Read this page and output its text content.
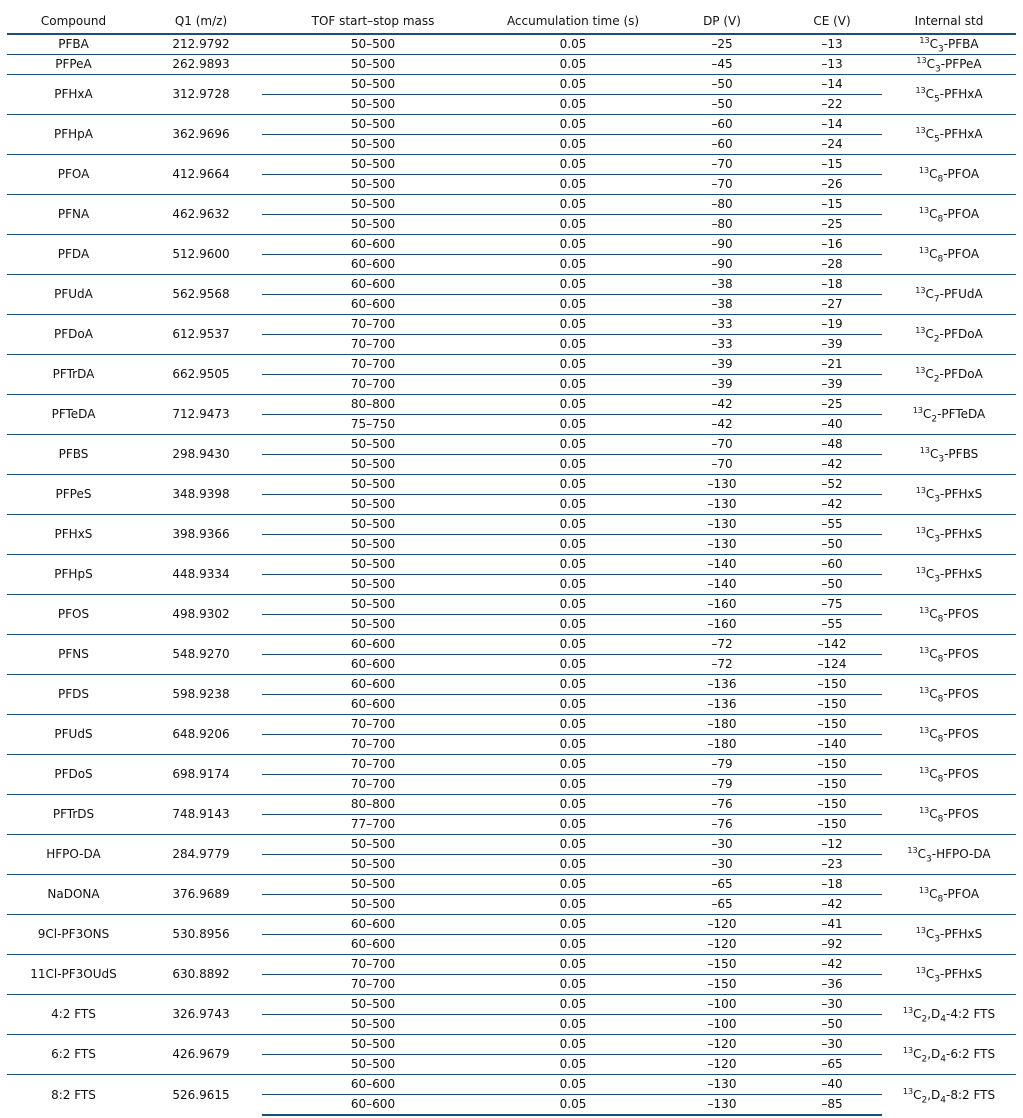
Compound	Q1 (m/z)	TOF start–stop mass	Accumulation time (s)	DP (V)	CE (V)	Internal std
PFBA	212.9792	50–500	0.05	–25	–13	$^{13}C_3$-PFBA
PFPeA	262.9893	50–500	0.05	–45	–13	$^{13}C_3$-PFPeA
PFHxA	312.9728	50–500	0.05	–50	–14	$^{13}C_5$-PFHxA
		50–500	0.05	–50	–22	
PFHpA	362.9696	50–500	0.05	–60	–14	$^{13}C_5$-PFHxA
		50–500	0.05	–60	–24	
PFOA	412.9664	50–500	0.05	–70	–15	$^{13}C_8$-PFOA
		50–500	0.05	–70	–26	
PFNA	462.9632	50–500	0.05	–80	–15	$^{13}C_8$-PFOA
		50–500	0.05	–80	–25	
PFDA	512.9600	60–600	0.05	–90	–16	$^{13}C_8$-PFOA
		60–600	0.05	–90	–28	
PFUdA	562.9568	60–600	0.05	–38	–18	$^{13}C_7$-PFUdA
		60–600	0.05	–38	–27	
PFDoA	612.9537	70–700	0.05	–33	–19	$^{13}C_2$-PFDoA
		70–700	0.05	–33	–39	
PFTrDA	662.9505	70–700	0.05	–39	–21	$^{13}C_2$-PFDoA
		70–700	0.05	–39	–39	
PFTeDA	712.9473	80–800	0.05	–42	–25	$^{13}C_2$-PFTeDA
		75–750	0.05	–42	–40	
PFBS	298.9430	50–500	0.05	–70	–48	$^{13}C_3$-PFBS
		50–500	0.05	–70	–42	
PFPeS	348.9398	50–500	0.05	–130	–52	$^{13}C_3$-PFHxS
		50–500	0.05	–130	–42	
PFHxS	398.9366	50–500	0.05	–130	–55	$^{13}C_3$-PFHxS
		50–500	0.05	–130	–50	
PFHpS	448.9334	50–500	0.05	–140	–60	$^{13}C_3$-PFHxS
		50–500	0.05	–140	–50	
PFOS	498.9302	50–500	0.05	–160	–75	$^{13}C_8$-PFOS
		50–500	0.05	–160	–55	
PFNS	548.9270	60–600	0.05	–72	–142	$^{13}C_8$-PFOS
		60–600	0.05	–72	–124	
PFDS	598.9238	60–600	0.05	–136	–150	$^{13}C_8$-PFOS
		60–600	0.05	–136	–150	
PFUdS	648.9206	70–700	0.05	–180	–150	$^{13}C_8$-PFOS
		70–700	0.05	–180	–140	
PFDoS	698.9174	70–700	0.05	–79	–150	$^{13}C_8$-PFOS
		70–700	0.05	–79	–150	
PFTrDS	748.9143	80–800	0.05	–76	–150	$^{13}C_8$-PFOS
		77–700	0.05	–76	–150	
HFPO-DA	284.9779	50–500	0.05	–30	–12	$^{13}C_3-HFPO-DA$
		50–500	0.05	–30	–23	
NaDONA	376.9689	50–500	0.05	–65	–18	$^{13}C_8$-PFOA
		50–500	0.05	–65	–42	
9Cl-PF3ONS	530.8956	60–600	0.05	–120	–41	$^{13}C_3$-PFHxS
		60–600	0.05	–120	–92	
11Cl-PF3OUdS	630.8892	70–700	0.05	–150	–42	$^{13}C_3$-PFHxS
		70–700	0.05	–150	–36	
4:2 FTS	326.9743	50–500	0.05	–100	–30	$^{13}C_2,D_4-4:2$ FTS
		50–500	0.05	–100	–50	
6:2 FTS	426.9679	50–500	0.05	–120	–30	$^{13}C_2,D_4-6:2$ FTS
		50–500	0.05	–120	–65	
8:2 FTS	526.9615	60–600	0.05	–130	–40	$^{13}C_2,D_4-8:2$ FTS
		60–600	0.05	–130	–85	
